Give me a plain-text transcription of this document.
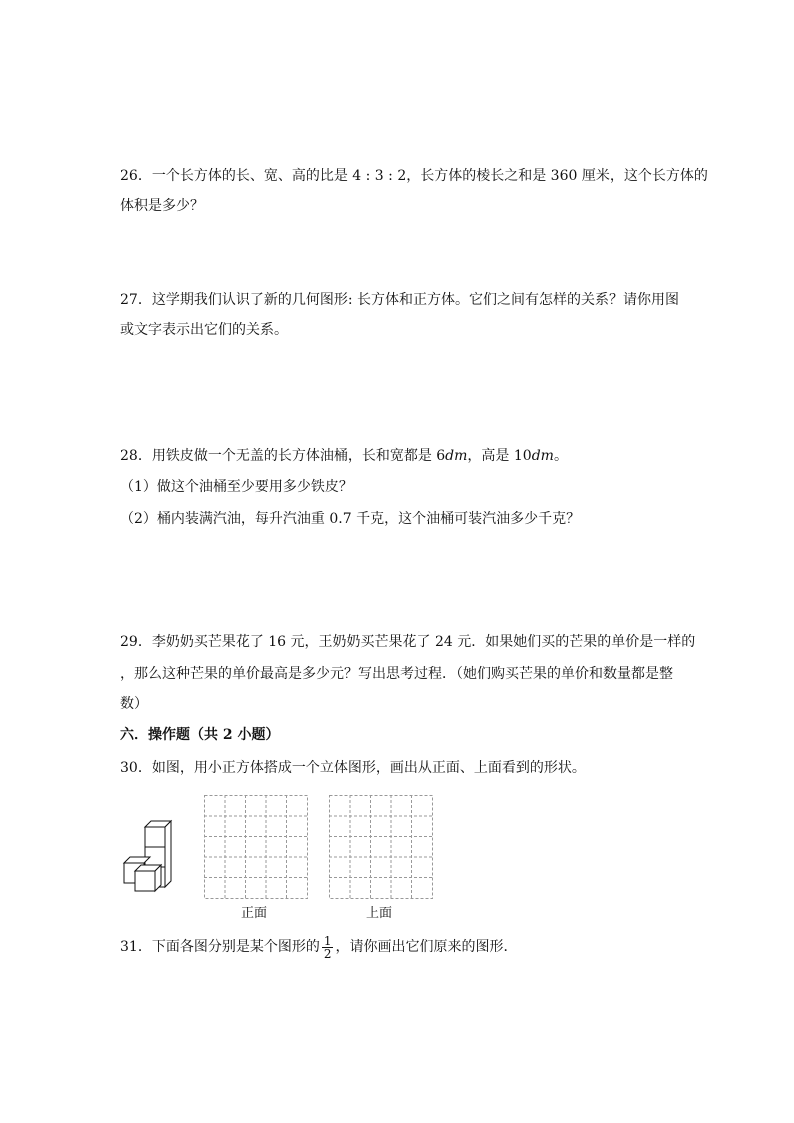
26．一个长方体的长、宽、高的比是 4 : 3 : 2，长方体的棱长之和是 360 厘米，这个长方体的
体积是多少？
27．这学期我们认识了新的几何图形: 长方体和正方体。它们之间有怎样的关系？请你用图
或文字表示出它们的关系。
28．用铁皮做一个无盖的长方体油桶，长和宽都是 6dm，高是 10dm。
（1）做这个油桶至少要用多少铁皮？
（2）桶内装满汽油，每升汽油重 0.7 千克，这个油桶可装汽油多少千克？
29．李奶奶买芒果花了 16 元，王奶奶买芒果花了 24 元．如果她们买的芒果的单价是一样的
，那么这种芒果的单价最高是多少元？写出思考过程．（她们购买芒果的单价和数量都是整
数）
六．操作题（共 2 小题）
30．如图，用小正方体搭成一个立体图形，画出从正面、上面看到的形状。
正面	上面
31．下面各图分别是某个图形的 $\frac{1}{2}$ ，请你画出它们原来的图形．
